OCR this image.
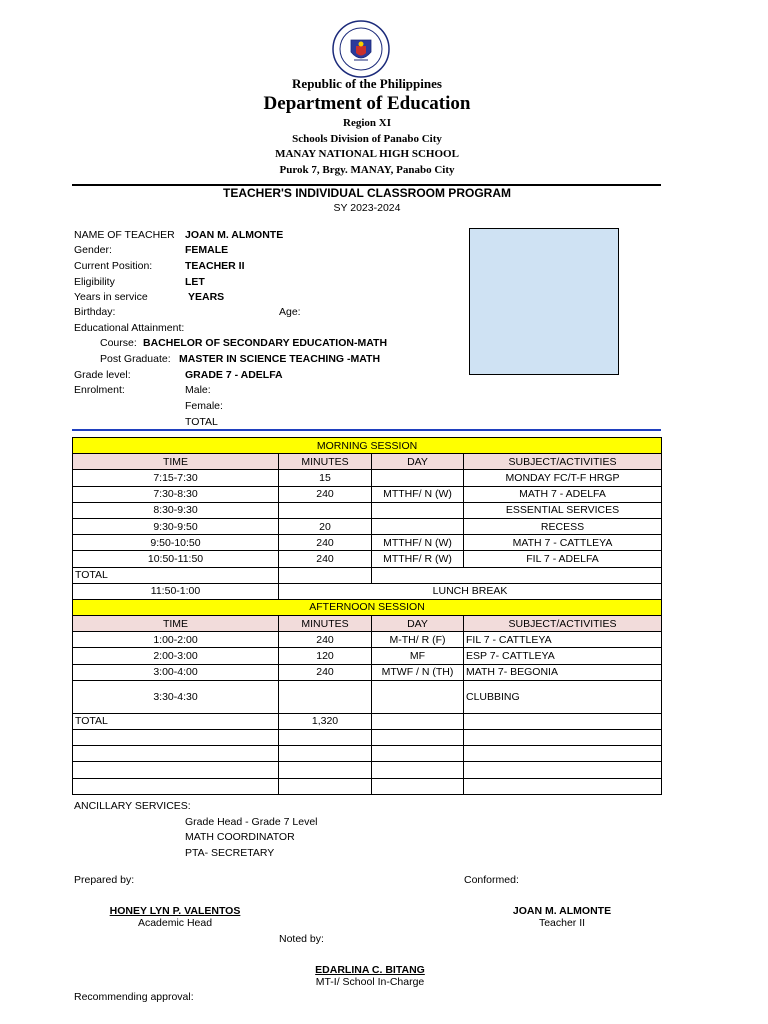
Republic of the Philippines
Department of Education
Region XI
Schools Division of Panabo City
MANAY NATIONAL HIGH SCHOOL
Purok 7, Brgy. MANAY, Panabo City
TEACHER'S INDIVIDUAL CLASSROOM PROGRAM
SY 2023-2024
NAME OF TEACHER JOAN M. ALMONTE
Gender:	FEMALE
Current Position:	TEACHER II
Eligibility	LET
Years in service	YEARS
Birthday:	Age:
Educational Attainment:
Course: BACHELOR OF SECONDARY EDUCATION-MATH
Post Graduate: MASTER IN SCIENCE TEACHING -MATH
Grade level:	GRADE 7 - ADELFA
Enrolment:	Male:
Female:
TOTAL
MORNING SESSION			
TIME	MINUTES	DAY	SUBJECT/ACTIVITIES
7:15-7:30	15		MONDAY FC/T-F HRGP
7:30-8:30	240	MTTHF/ N (W)	MATH 7 - ADELFA
8:30-9:30			ESSENTIAL SERVICES
9:30-9:50	20		RECESS
9:50-10:50	240	MTTHF/ N (W)	MATH 7 - CATTLEYA
10:50-11:50	240	MTTHF/ R (W)	FIL 7 - ADELFA
TOTAL			
11:50-1:00	LUNCH BREAK		
AFTERNOON SESSION			
TIME	MINUTES	DAY	SUBJECT/ACTIVITIES
1:00-2:00	240	M-TH/ R (F)	FIL 7 - CATTLEYA
2:00-3:00	120	MF	ESP 7- CATTLEYA
3:00-4:00	240	MTWF / N (TH)	MATH 7- BEGONIA
3:30-4:30			CLUBBING
TOTAL	1,320		

ANCILLARY SERVICES:
Grade Head - Grade 7 Level
MATH COORDINATOR
PTA- SECRETARY
Prepared by:	Conformed:
HONEY LYN P. VALENTOS
Academic Head
JOAN M. ALMONTE
Teacher II
Noted by:
EDARLINA C. BITANG
MT-I/ School In-Charge
Recommending approval:
